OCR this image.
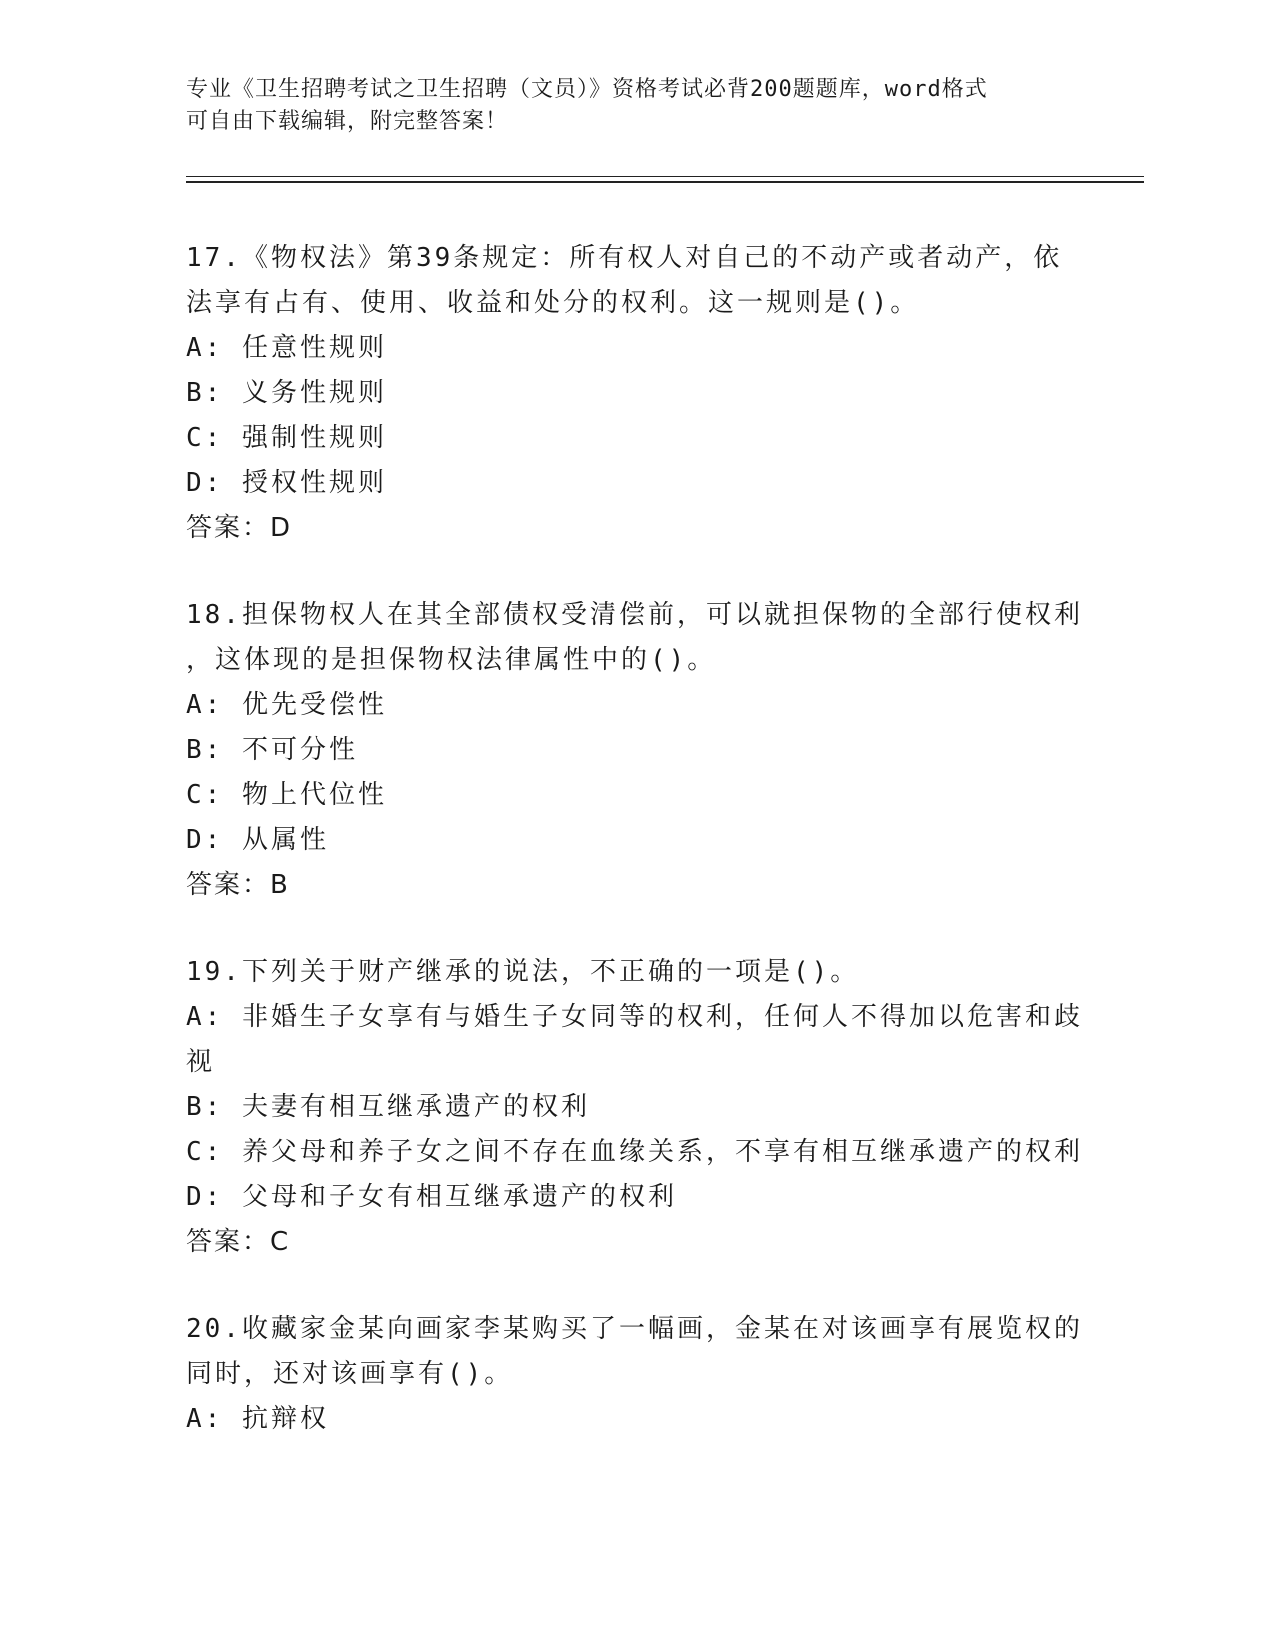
专业《卫生招聘考试之卫生招聘（文员）》资格考试必背200题题库，word格式
可自由下载编辑，附完整答案！
17.《物权法》第39条规定：所有权人对自己的不动产或者动产，依
法享有占有、使用、收益和处分的权利。这一规则是()。
A: 任意性规则
B: 义务性规则
C: 强制性规则
D: 授权性规则
答案：D
18.担保物权人在其全部债权受清偿前，可以就担保物的全部行使权利
，这体现的是担保物权法律属性中的()。
A: 优先受偿性
B: 不可分性
C: 物上代位性
D: 从属性
答案：B
19.下列关于财产继承的说法，不正确的一项是()。
A: 非婚生子女享有与婚生子女同等的权利，任何人不得加以危害和歧
视
B: 夫妻有相互继承遗产的权利
C: 养父母和养子女之间不存在血缘关系，不享有相互继承遗产的权利
D: 父母和子女有相互继承遗产的权利
答案：C
20.收藏家金某向画家李某购买了一幅画，金某在对该画享有展览权的
同时，还对该画享有()。
A: 抗辩权
